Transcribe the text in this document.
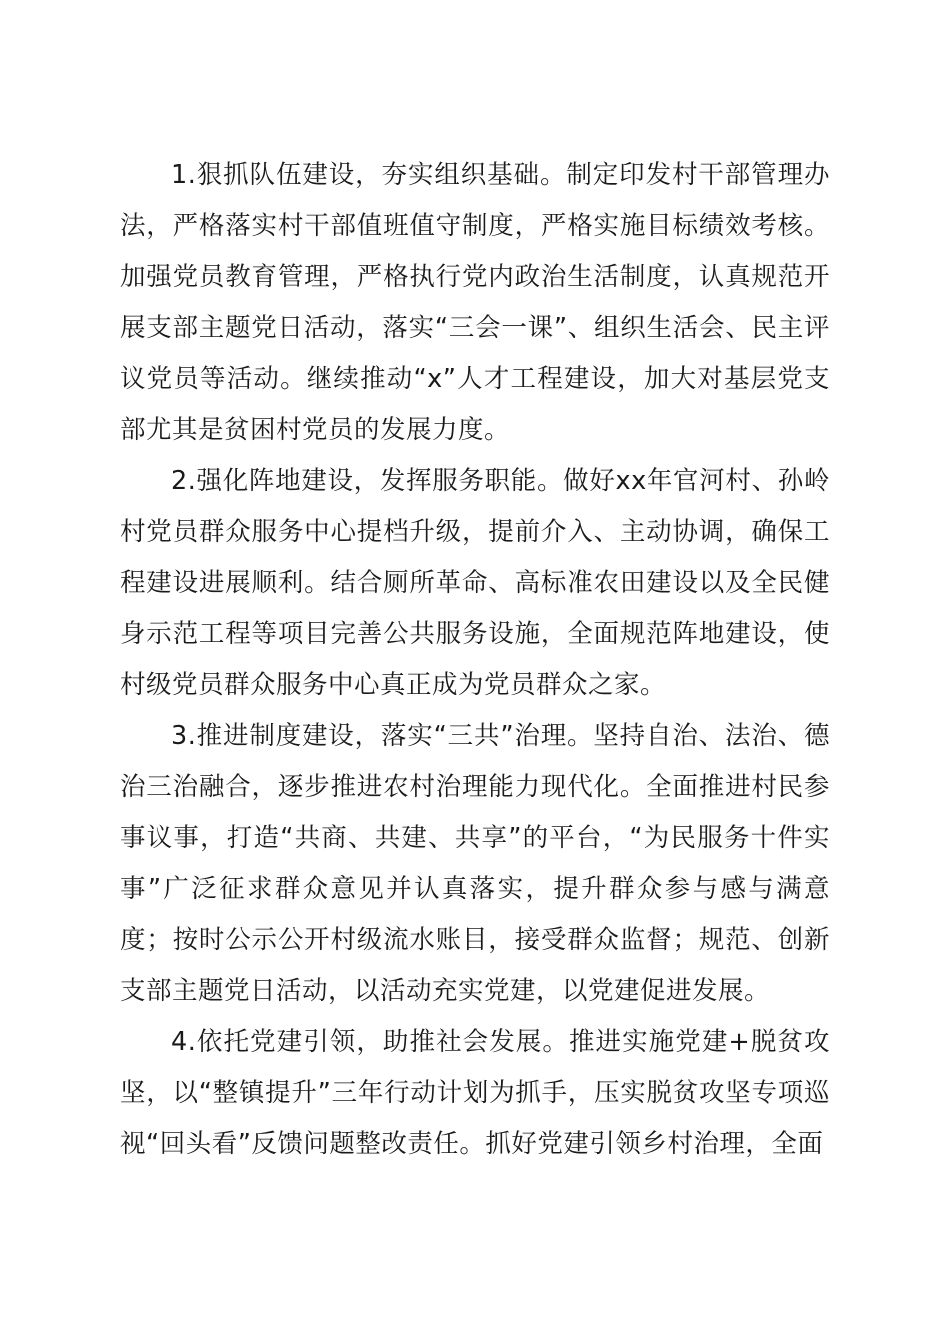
1.狠抓队伍建设，夯实组织基础。制定印发村干部管理办法，严格落实村干部值班值守制度，严格实施目标绩效考核。加强党员教育管理，严格执行党内政治生活制度，认真规范开展支部主题党日活动，落实“三会一课”、组织生活会、民主评议党员等活动。继续推动“x”人才工程建设，加大对基层党支部尤其是贫困村党员的发展力度。

2.强化阵地建设，发挥服务职能。做好xx年官河村、孙岭村党员群众服务中心提档升级，提前介入、主动协调，确保工程建设进展顺利。结合厕所革命、高标准农田建设以及全民健身示范工程等项目完善公共服务设施，全面规范阵地建设，使村级党员群众服务中心真正成为党员群众之家。

3.推进制度建设，落实“三共”治理。坚持自治、法治、德治三治融合，逐步推进农村治理能力现代化。全面推进村民参事议事，打造“共商、共建、共享”的平台，“为民服务十件实事”广泛征求群众意见并认真落实，提升群众参与感与满意度；按时公示公开村级流水账目，接受群众监督；规范、创新支部主题党日活动，以活动充实党建，以党建促进发展。

4.依托党建引领，助推社会发展。推进实施党建+脱贫攻坚，以“整镇提升”三年行动计划为抓手，压实脱贫攻坚专项巡视“回头看”反馈问题整改责任。抓好党建引领乡村治理，全面
